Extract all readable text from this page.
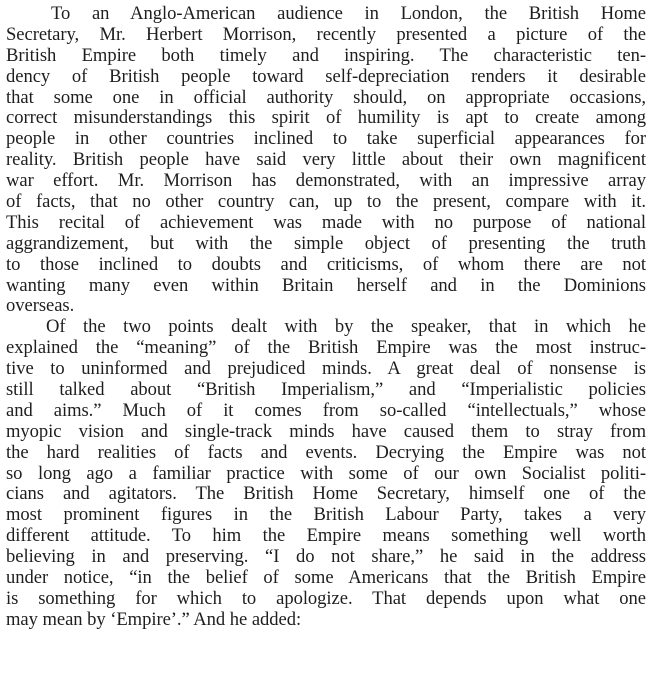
To an Anglo-American audience in London, the British Home
Secretary, Mr. Herbert Morrison, recently presented a picture of the
British Empire both timely and inspiring. The characteristic ten-
dency of British people toward self-depreciation renders it desirable
that some one in official authority should, on appropriate occasions,
correct misunderstandings this spirit of humility is apt to create among
people in other countries inclined to take superficial appearances for
reality. British people have said very little about their own magnificent
war effort. Mr. Morrison has demonstrated, with an impressive array
of facts, that no other country can, up to the present, compare with it.
This recital of achievement was made with no purpose of national
aggrandizement, but with the simple object of presenting the truth
to those inclined to doubts and criticisms, of whom there are not
wanting many even within Britain herself and in the Dominions
overseas.
Of the two points dealt with by the speaker, that in which he
explained the “meaning” of the British Empire was the most instruc-
tive to uninformed and prejudiced minds. A great deal of nonsense is
still talked about “British Imperialism,” and “Imperialistic policies
and aims.” Much of it comes from so-called “intellectuals,” whose
myopic vision and single-track minds have caused them to stray from
the hard realities of facts and events. Decrying the Empire was not
so long ago a familiar practice with some of our own Socialist politi-
cians and agitators. The British Home Secretary, himself one of the
most prominent figures in the British Labour Party, takes a very
different attitude. To him the Empire means something well worth
believing in and preserving. “I do not share,” he said in the address
under notice, “in the belief of some Americans that the British Empire
is something for which to apologize. That depends upon what one
may mean by ‘Empire’.” And he added:
